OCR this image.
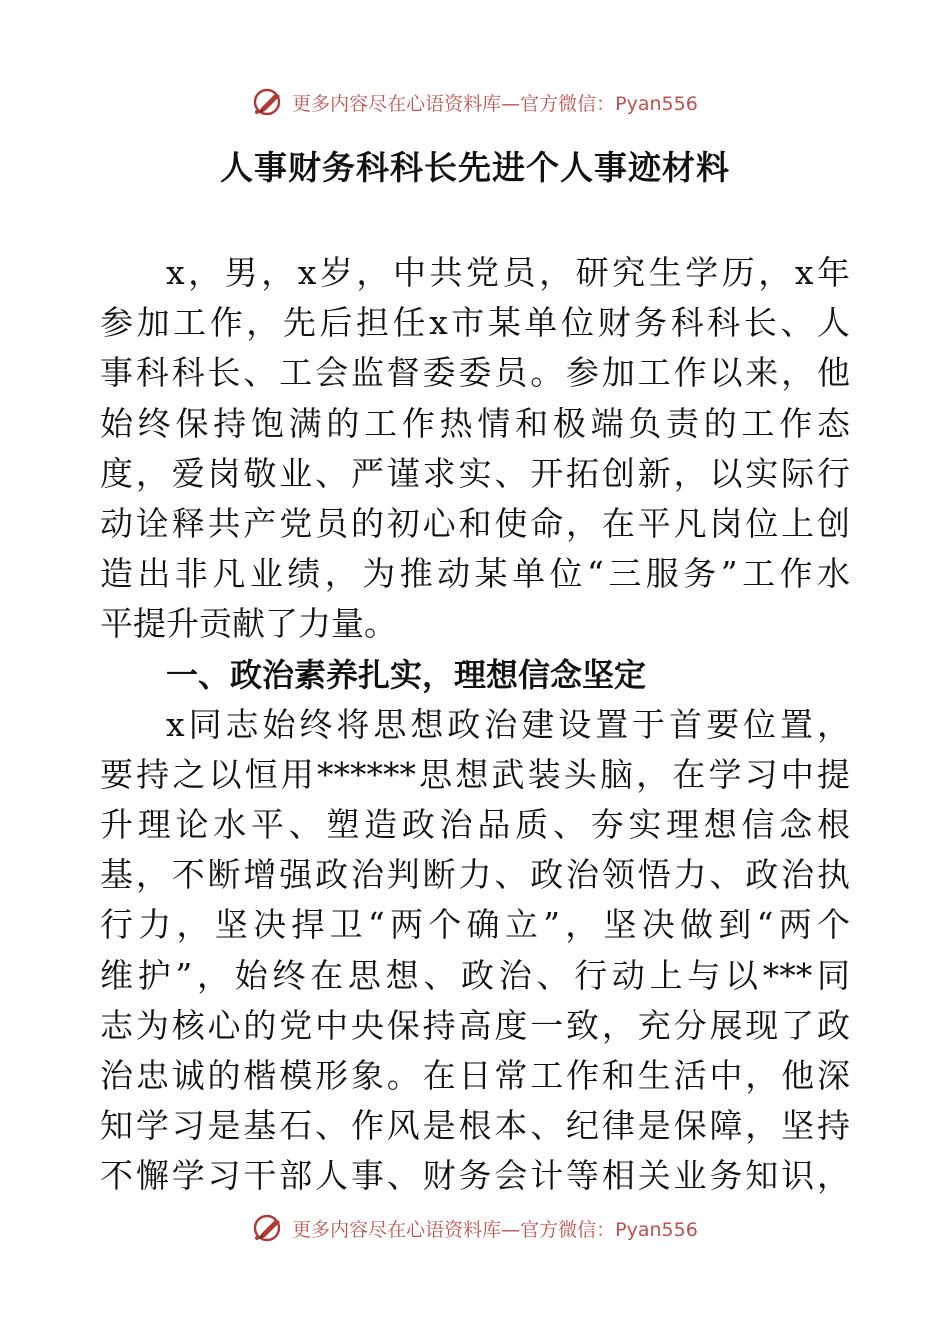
更多内容尽在心语资料库—官方微信：Pyan556
人事财务科科长先进个人事迹材料
x，男，x岁，中共党员，研究生学历，x年
参加工作，先后担任x市某单位财务科科长、人
事科科长、工会监督委委员。参加工作以来，他
始终保持饱满的工作热情和极端负责的工作态
度，爱岗敬业、严谨求实、开拓创新，以实际行
动诠释共产党员的初心和使命，在平凡岗位上创
造出非凡业绩，为推动某单位“三服务”工作水
平提升贡献了力量。
一、政治素养扎实，理想信念坚定
x同志始终将思想政治建设置于首要位置，
要持之以恒用******思想武装头脑，在学习中提
升理论水平、塑造政治品质、夯实理想信念根
基，不断增强政治判断力、政治领悟力、政治执
行力，坚决捍卫“两个确立”，坚决做到“两个
维护”，始终在思想、政治、行动上与以***同
志为核心的党中央保持高度一致，充分展现了政
治忠诚的楷模形象。在日常工作和生活中，他深
知学习是基石、作风是根本、纪律是保障，坚持
不懈学习干部人事、财务会计等相关业务知识，
更多内容尽在心语资料库—官方微信：Pyan556
